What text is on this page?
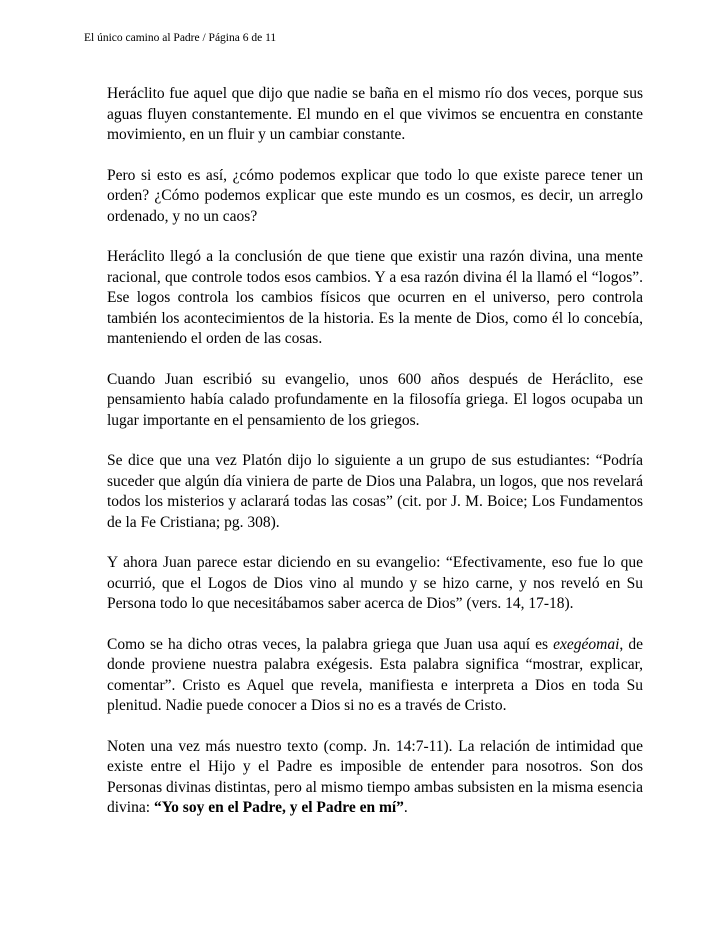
El único camino al Padre / Página 6 de 11

Heráclito fue aquel que dijo que nadie se baña en el mismo río dos veces, porque sus aguas fluyen constantemente. El mundo en el que vivimos se encuentra en constante movimiento, en un fluir y un cambiar constante.

Pero si esto es así, ¿cómo podemos explicar que todo lo que existe parece tener un orden? ¿Cómo podemos explicar que este mundo es un cosmos, es decir, un arreglo ordenado, y no un caos?

Heráclito llegó a la conclusión de que tiene que existir una razón divina, una mente racional, que controle todos esos cambios. Y a esa razón divina él la llamó el “logos”. Ese logos controla los cambios físicos que ocurren en el universo, pero controla también los acontecimientos de la historia. Es la mente de Dios, como él lo concebía, manteniendo el orden de las cosas.

Cuando Juan escribió su evangelio, unos 600 años después de Heráclito, ese pensamiento había calado profundamente en la filosofía griega. El logos ocupaba un lugar importante en el pensamiento de los griegos.

Se dice que una vez Platón dijo lo siguiente a un grupo de sus estudiantes: “Podría suceder que algún día viniera de parte de Dios una Palabra, un logos, que nos revelará todos los misterios y aclarará todas las cosas” (cit. por J. M. Boice; Los Fundamentos de la Fe Cristiana; pg. 308).

Y ahora Juan parece estar diciendo en su evangelio: “Efectivamente, eso fue lo que ocurrió, que el Logos de Dios vino al mundo y se hizo carne, y nos reveló en Su Persona todo lo que necesitábamos saber acerca de Dios” (vers. 14, 17-18).

Como se ha dicho otras veces, la palabra griega que Juan usa aquí es exegéomai, de donde proviene nuestra palabra exégesis. Esta palabra significa “mostrar, explicar, comentar”. Cristo es Aquel que revela, manifiesta e interpreta a Dios en toda Su plenitud. Nadie puede conocer a Dios si no es a través de Cristo.

Noten una vez más nuestro texto (comp. Jn. 14:7-11). La relación de intimidad que existe entre el Hijo y el Padre es imposible de entender para nosotros. Son dos Personas divinas distintas, pero al mismo tiempo ambas subsisten en la misma esencia divina: “Yo soy en el Padre, y el Padre en mí”.
